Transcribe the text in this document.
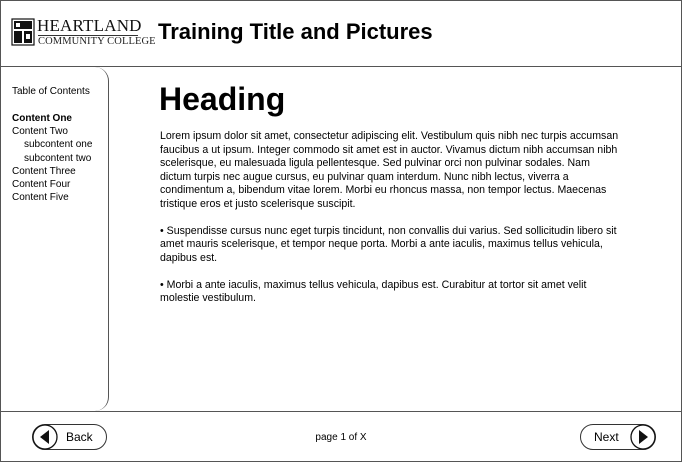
HEARTLAND
COMMUNITY COLLEGE Training Title and Pictures
Table of Contents
Content One
Content Two
subcontent one
subcontent two
Content Three
Content Four
Content Five
Heading

Lorem ipsum dolor sit amet, consectetur adipiscing elit. Vestibulum quis nibh nec turpis accumsan faucibus a ut ipsum. Integer commodo sit amet est in auctor. Vivamus dictum nibh accumsan nibh scelerisque, eu malesuada ligula pellentesque. Sed pulvinar orci non pulvinar sodales. Nam dictum turpis nec augue cursus, eu pulvinar quam interdum. Nunc nibh lectus, viverra a condimentum a, bibendum vitae lorem. Morbi eu rhoncus massa, non tempor lectus. Maecenas tristique eros et justo scelerisque suscipit.

• Suspendisse cursus nunc eget turpis tincidunt, non convallis dui varius. Sed sollicitudin libero sit amet mauris scelerisque, et tempor neque porta. Morbi a ante iaculis, maximus tellus vehicula, dapibus est.

• Morbi a ante iaculis, maximus tellus vehicula, dapibus est. Curabitur at tortor sit amet velit molestie vestibulum.

Back	page 1 of X	Next
